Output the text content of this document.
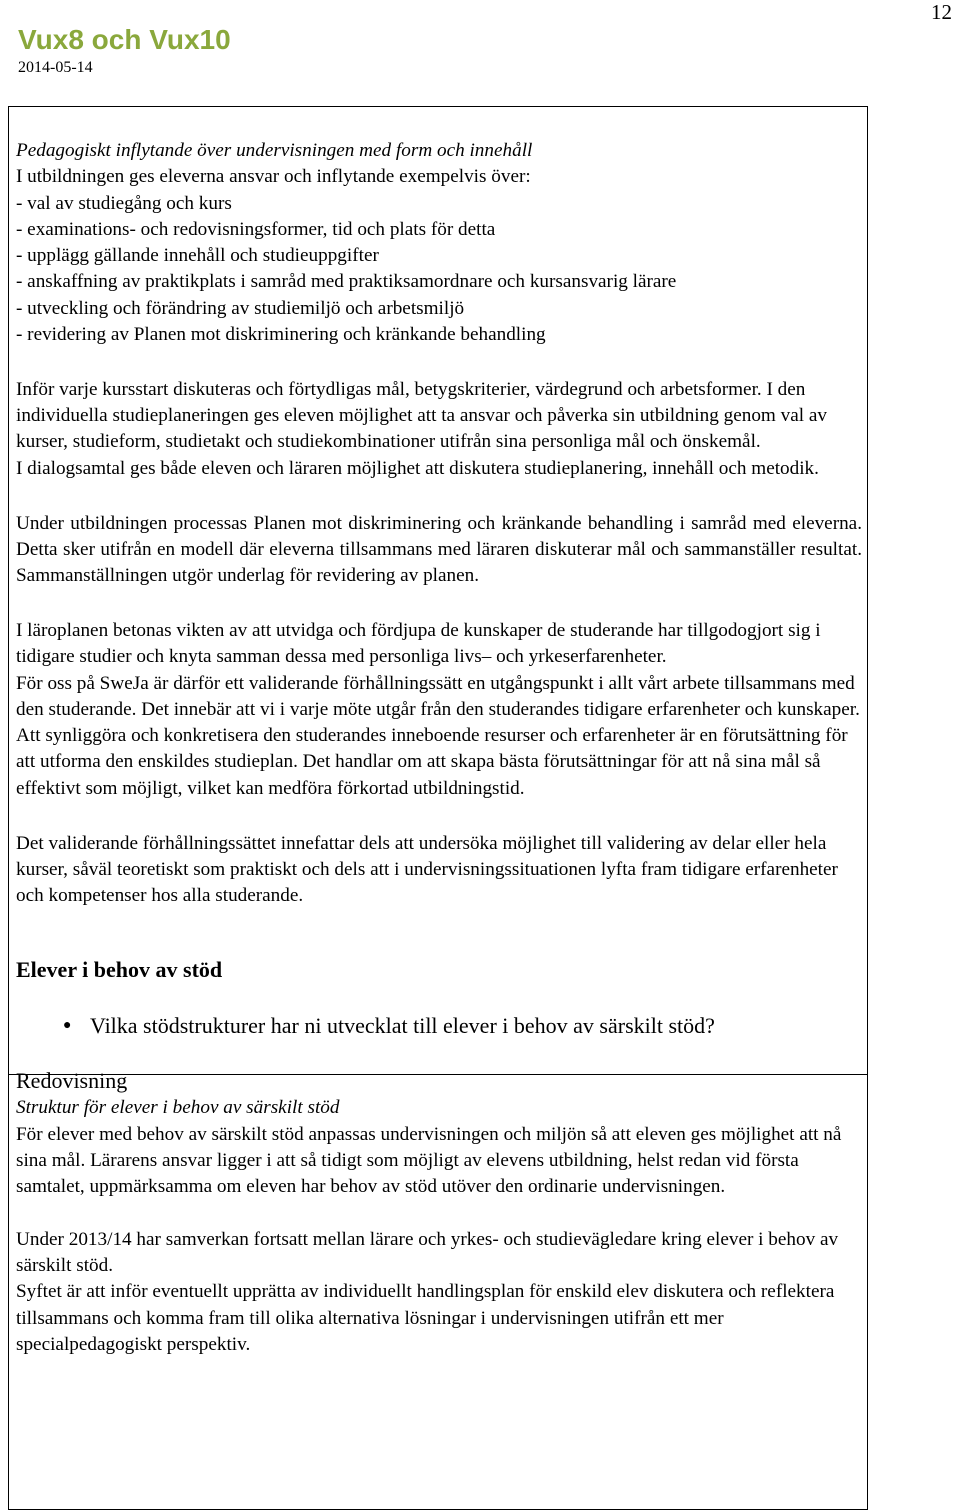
12
Vux8 och Vux10
2014-05-14

Pedagogiskt inflytande över undervisningen med form och innehåll

I utbildningen ges eleverna ansvar och inflytande exempelvis över:

- val av studiegång och kurs

- examinations- och redovisningsformer, tid och plats för detta

- upplägg gällande innehåll och studieuppgifter

- anskaffning av praktikplats i samråd med praktiksamordnare och kursansvarig lärare

- utveckling och förändring av studiemiljö och arbetsmiljö

- revidering av Planen mot diskriminering och kränkande behandling

Inför varje kursstart diskuteras och förtydligas mål, betygskriterier, värdegrund och arbetsformer. I den individuella studieplaneringen ges eleven möjlighet att ta ansvar och påverka sin utbildning genom val av kurser, studieform, studietakt och studiekombinationer utifrån sina personliga mål och önskemål.

I dialogsamtal ges både eleven och läraren möjlighet att diskutera studieplanering, innehåll och metodik.

Under utbildningen processas Planen mot diskriminering och kränkande behandling i samråd med eleverna. Detta sker utifrån en modell där eleverna tillsammans med läraren diskuterar mål och sammanställer resultat. Sammanställningen utgör underlag för revidering av planen.

I läroplanen betonas vikten av att utvidga och fördjupa de kunskaper de studerande har tillgodogjort sig i tidigare studier och knyta samman dessa med personliga livs– och yrkeserfarenheter.

För oss på SweJa är därför ett validerande förhållningssätt en utgångspunkt i allt vårt arbete tillsammans med den studerande. Det innebär att vi i varje möte utgår från den studerandes tidigare erfarenheter och kunskaper. Att synliggöra och konkretisera den studerandes inneboende resurser och erfarenheter är en förutsättning för att utforma den enskildes studieplan. Det handlar om att skapa bästa förutsättningar för att nå sina mål så effektivt som möjligt, vilket kan medföra förkortad utbildningstid.

Det validerande förhållningssättet innefattar dels att undersöka möjlighet till validering av delar eller hela kurser, såväl teoretiskt som praktiskt och dels att i undervisningssituationen lyfta fram tidigare erfarenheter och kompetenser hos alla studerande.

Elever i behov av stöd
● Vilka stödstrukturer har ni utvecklat till elever i behov av särskilt stöd?

Redovisning

Struktur för elever i behov av särskilt stöd

För elever med behov av särskilt stöd anpassas undervisningen och miljön så att eleven ges möjlighet att nå sina mål. Lärarens ansvar ligger i att så tidigt som möjligt av elevens utbildning, helst redan vid första samtalet, uppmärksamma om eleven har behov av stöd utöver den ordinarie undervisningen.

Under 2013/14 har samverkan fortsatt mellan lärare och yrkes- och studievägledare kring elever i behov av särskilt stöd.

Syftet är att inför eventuellt upprätta av individuellt handlingsplan för enskild elev diskutera och reflektera tillsammans och komma fram till olika alternativa lösningar i undervisningen utifrån ett mer specialpedagogiskt perspektiv.
